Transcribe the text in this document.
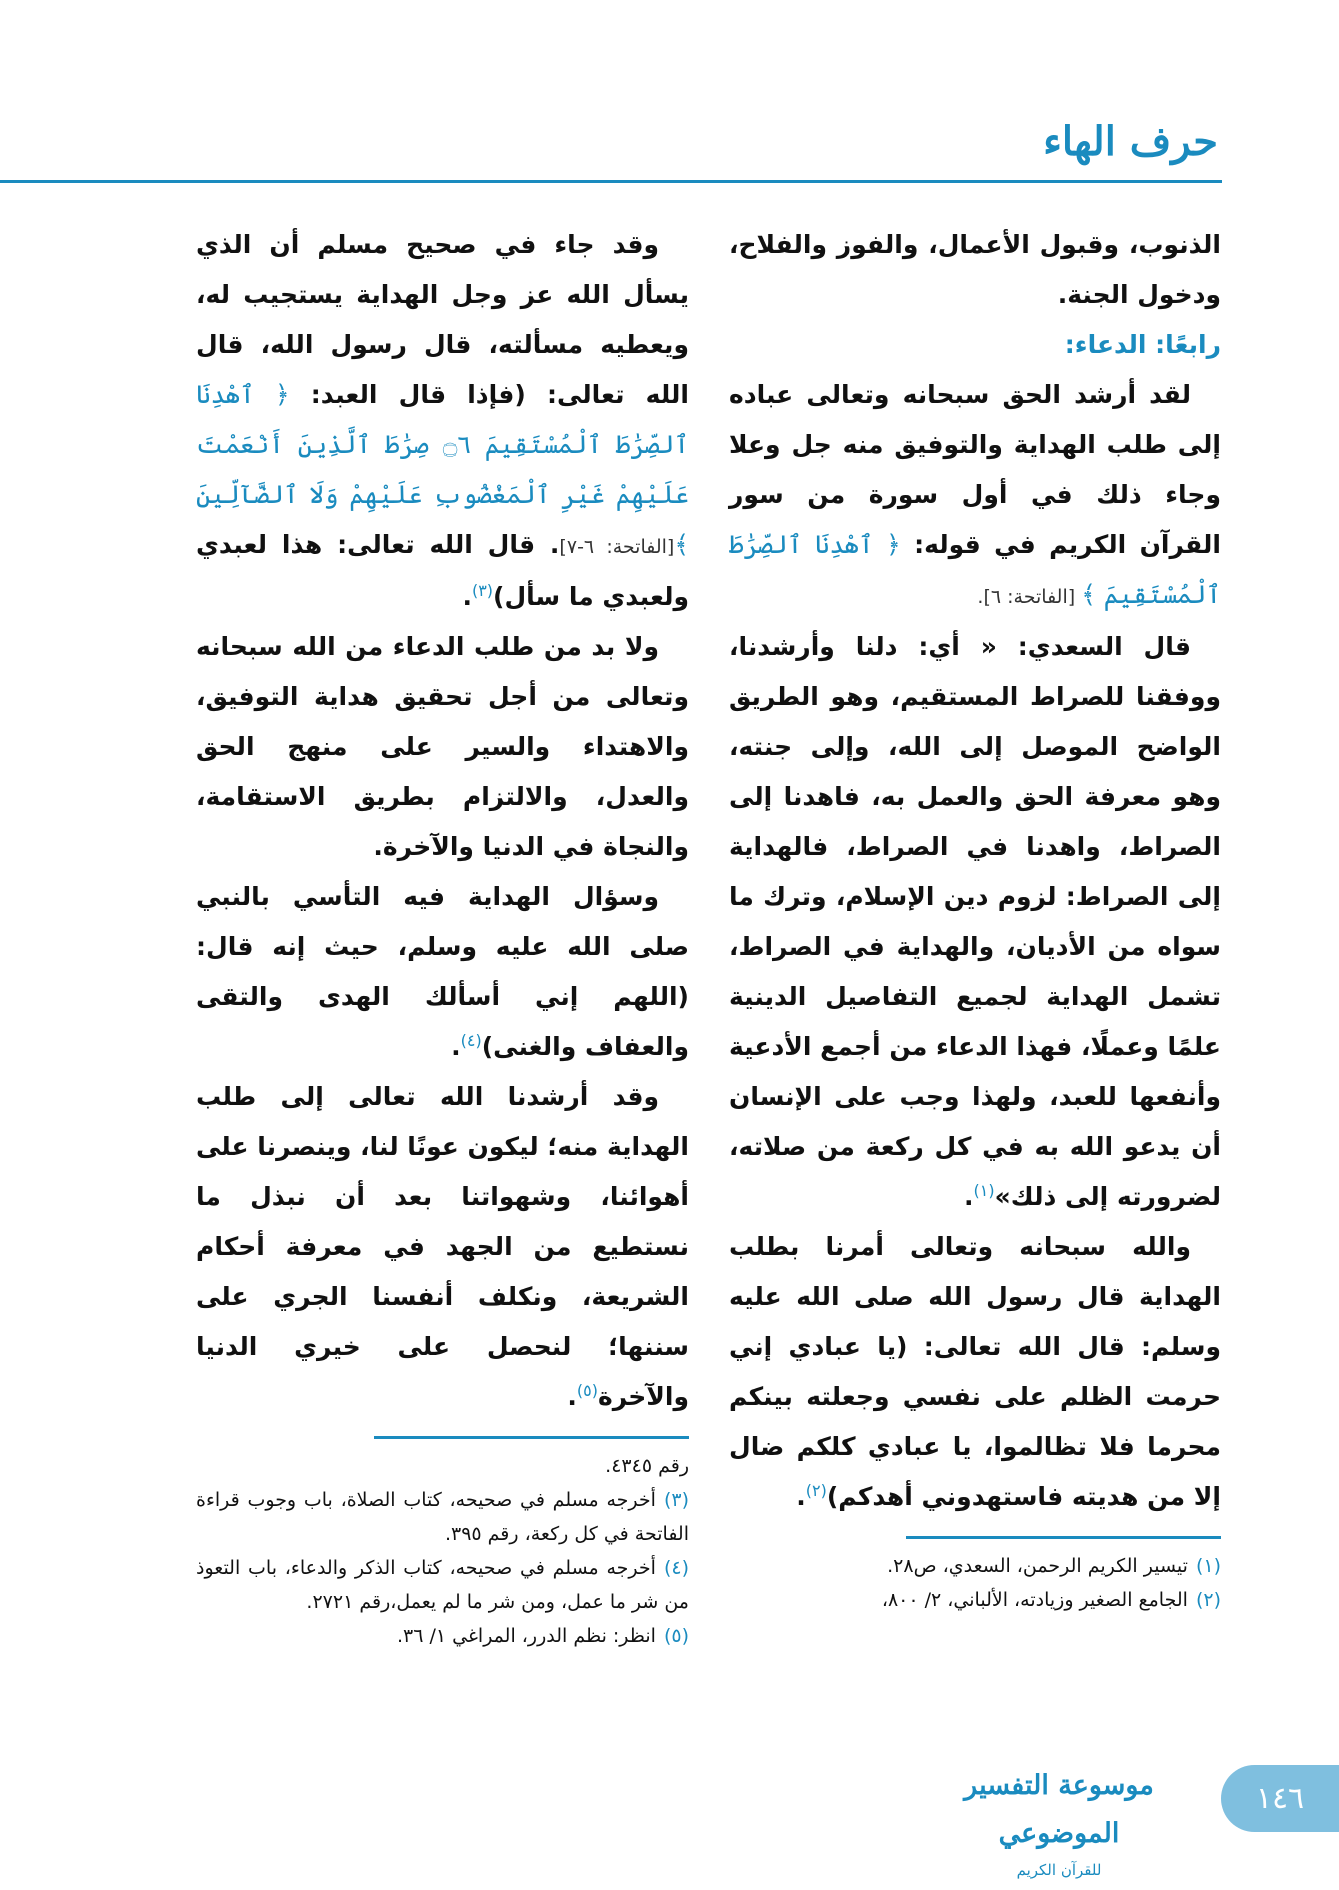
حرف الهاء

الذنوب، وقبول الأعمال، والفوز والفلاح، ودخول الجنة.

رابعًا: الدعاء:

لقد أرشد الحق سبحانه وتعالى عباده إلى طلب الهداية والتوفيق منه جل وعلا وجاء ذلك في أول سورة من سور القرآن الكريم في قوله: ﴿ ٱهْدِنَا ٱلصِّرَٰطَ ٱلْمُسْتَقِيمَ ﴾ [الفاتحة: ٦].

قال السعدي: « أي: دلنا وأرشدنا، ووفقنا للصراط المستقيم، وهو الطريق الواضح الموصل إلى الله، وإلى جنته، وهو معرفة الحق والعمل به، فاهدنا إلى الصراط، واهدنا في الصراط، فالهداية إلى الصراط: لزوم دين الإسلام، وترك ما سواه من الأديان، والهداية في الصراط، تشمل الهداية لجميع التفاصيل الدينية علمًا وعملًا، فهذا الدعاء من أجمع الأدعية وأنفعها للعبد، ولهذا وجب على الإنسان أن يدعو الله به في كل ركعة من صلاته، لضرورته إلى ذلك»$^{(١)}$.

والله سبحانه وتعالى أمرنا بطلب الهداية قال رسول الله صلى الله عليه وسلم: قال الله تعالى: (يا عبادي إني حرمت الظلم على نفسي وجعلته بينكم محرما فلا تظالموا، يا عبادي كلكم ضال إلا من هديته فاستهدوني أهدكم)$^{(٢)}$.

(١)تيسير الكريم الرحمن، السعدي، ص٢٨.
(٢)الجامع الصغير وزيادته، الألباني، ٢/ ٨٠٠،

وقد جاء في صحيح مسلم أن الذي يسأل الله عز وجل الهداية يستجيب له، ويعطيه مسألته، قال رسول الله، قال الله تعالى: (فإذا قال العبد: ﴿ ٱهْدِنَا ٱلصِّرَٰطَ ٱلْمُسْتَقِيمَ ۝٦ صِرَٰطَ ٱلَّذِينَ أَنْعَمْتَ عَلَيْهِمْ غَيْرِ ٱلْمَغْضُوبِ عَلَيْهِمْ وَلَا ٱلضَّآلِّينَ ﴾[الفاتحة: ٦-٧]. قال الله تعالى: هذا لعبدي ولعبدي ما سأل)$^{(٣)}$.

ولا بد من طلب الدعاء من الله سبحانه وتعالى من أجل تحقيق هداية التوفيق، والاهتداء والسير على منهج الحق والعدل، والالتزام بطريق الاستقامة، والنجاة في الدنيا والآخرة.

وسؤال الهداية فيه التأسي بالنبي صلى الله عليه وسلم، حيث إنه قال: (اللهم إني أسألك الهدى والتقى والعفاف والغنى)$^{(٤)}$.

وقد أرشدنا الله تعالى إلى طلب الهداية منه؛ ليكون عونًا لنا، وينصرنا على أهوائنا، وشهواتنا بعد أن نبذل ما نستطيع من الجهد في معرفة أحكام الشريعة، ونكلف أنفسنا الجري على سننها؛ لنحصل على خيري الدنيا والآخرة$^{(٥)}$.

رقم ٤٣٤٥.
(٣)أخرجه مسلم في صحيحه، كتاب الصلاة، باب وجوب قراءة الفاتحة في كل ركعة، رقم ٣٩٥.
(٤)أخرجه مسلم في صحيحه، كتاب الذكر والدعاء، باب التعوذ من شر ما عمل، ومن شر ما لم يعمل،رقم ٢٧٢١.
(٥)انظر: نظم الدرر، المراغي ١/ ٣٦.
موسوعة التفسير الموضوعي
للقرآن الكريم
١٤٦
